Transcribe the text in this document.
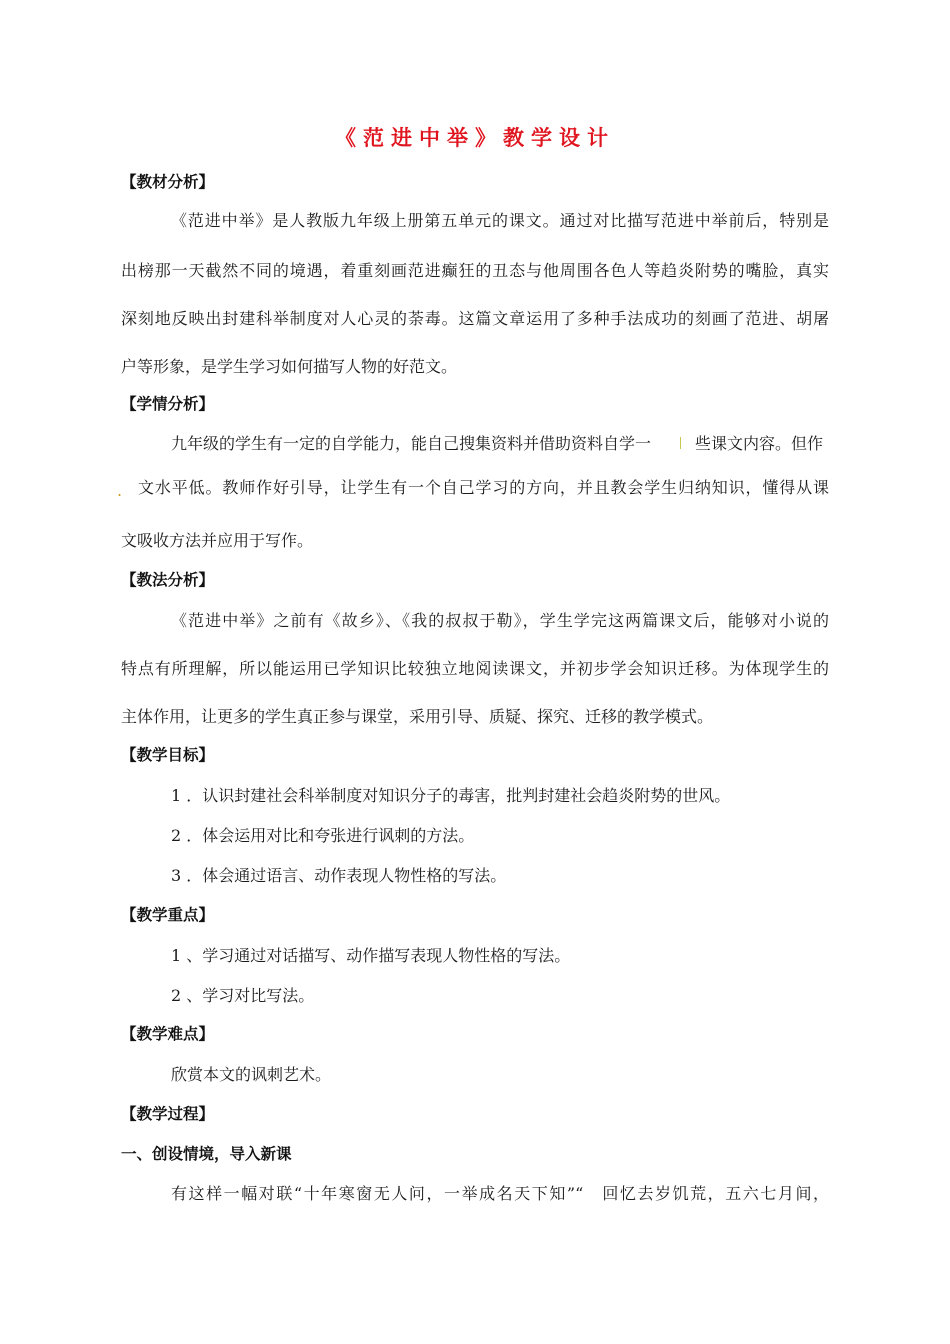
《范进中举》教学设计
【教材分析】
《范进中举》是人教版九年级上册第五单元的课文。通过对比描写范进中举前后，特别是
出榜那一天截然不同的境遇，着重刻画范进癫狂的丑态与他周围各色人等趋炎附势的嘴脸，真实
深刻地反映出封建科举制度对人心灵的荼毒。这篇文章运用了多种手法成功的刻画了范进、胡屠
户等形象，是学生学习如何描写人物的好范文。
【学情分析】
九年级的学生有一定的自学能力，能自己搜集资料并借助资料自学一	些课文内容。但作
. 文水平低。教师作好引导，让学生有一个自己学习的方向，并且教会学生归纳知识，懂得从课
文吸收方法并应用于写作。
【教法分析】
《范进中举》之前有《故乡》、《我的叔叔于勒》，学生学完这两篇课文后，能够对小说的
特点有所理解，所以能运用已学知识比较独立地阅读课文，并初步学会知识迁移。为体现学生的
主体作用，让更多的学生真正参与课堂，采用引导、质疑、探究、迁移的教学模式。
【教学目标】
1 ．认识封建社会科举制度对知识分子的毒害，批判封建社会趋炎附势的世风。
2 ．体会运用对比和夸张进行讽刺的方法。
3 ．体会通过语言、动作表现人物性格的写法。
【教学重点】
1 、学习通过对话描写、动作描写表现人物性格的写法。
2 、学习对比写法。
【教学难点】
欣赏本文的讽刺艺术。
【教学过程】
一、创设情境，导入新课
有这样一幅对联“十年寒窗无人问，一举成名天下知”“　回忆去岁饥荒，五六七月间，
